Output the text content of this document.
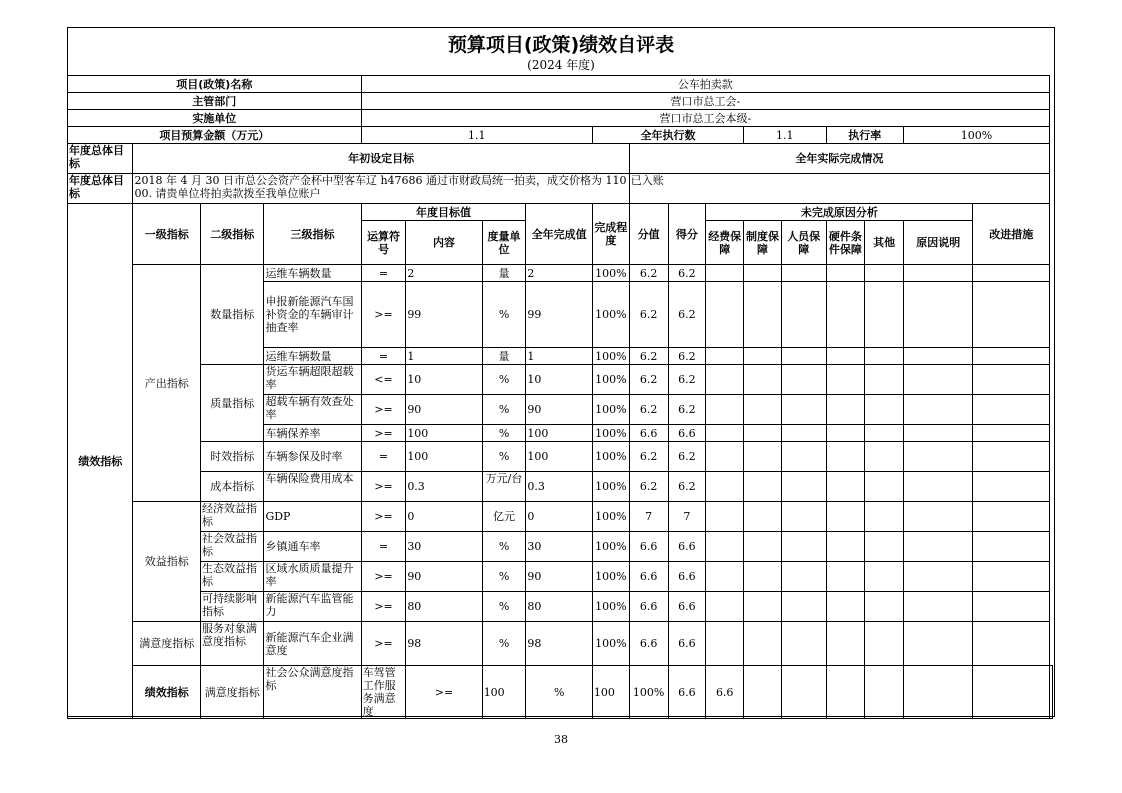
预算项目(政策)绩效自评表
(2024 年度)
项目(政策)名称				公车拍卖款														
主管部门				营口市总工会-														
实施单位				营口市总工会本级-														
项目预算金额（万元）				1.1				全年执行数				1.1		执行率		100%		
年度总体目标	年初设定目标								全年实际完成情况									
年度总体目标	2018 年 4 月 30 日市总公会资产金杯中型客车辽 h47686 通过市财政局统一拍卖，成交价格为 11000. 请贵单位将拍卖款拨至我单位账户								已入账									
绩效指标	一级指标	二级指标	三级指标	年度目标值			全年完成值	完成程度	分值	得分	未完成原因分析						改进措施	
				运算符号	内容	度量单位					经费保障	制度保障	人员保障	硬件条件保障	其他	原因说明		
	产出指标	数量指标	运维车辆数量	=	2	量	2	100%	6.2	6.2								
			申报新能源汽车国补资金的车辆审计抽查率	>=	99	%	99	100%	6.2	6.2								
			运维车辆数量	=	1	量	1	100%	6.2	6.2								
		质量指标	货运车辆超限超载率	<=	10	%	10	100%	6.2	6.2								
			超载车辆有效查处率	>=	90	%	90	100%	6.2	6.2								
			车辆保养率	>=	100	%	100	100%	6.6	6.6								
		时效指标	车辆参保及时率	=	100	%	100	100%	6.2	6.2								
		成本指标	车辆保险费用成本	>=	0.3	万元/台	0.3	100%	6.2	6.2								
	效益指标	经济效益指标	GDP	>=	0	亿元	0	100%	7	7								
		社会效益指标	乡镇通车率	=	30	%	30	100%	6.6	6.6								
		生态效益指标	区域水质质量提升率	>=	90	%	90	100%	6.6	6.6								
		可持续影响指标	新能源汽车监管能力	>=	80	%	80	100%	6.6	6.6								
	满意度指标	服务对象满意度指标	新能源汽车企业满意度	>=	98	%	98	100%	6.6	6.6								
	绩效指标	满意度指标	社会公众满意度指标	车驾管工作服务满意度	>=	100	%	100	100%	6.6	6.6							
38
